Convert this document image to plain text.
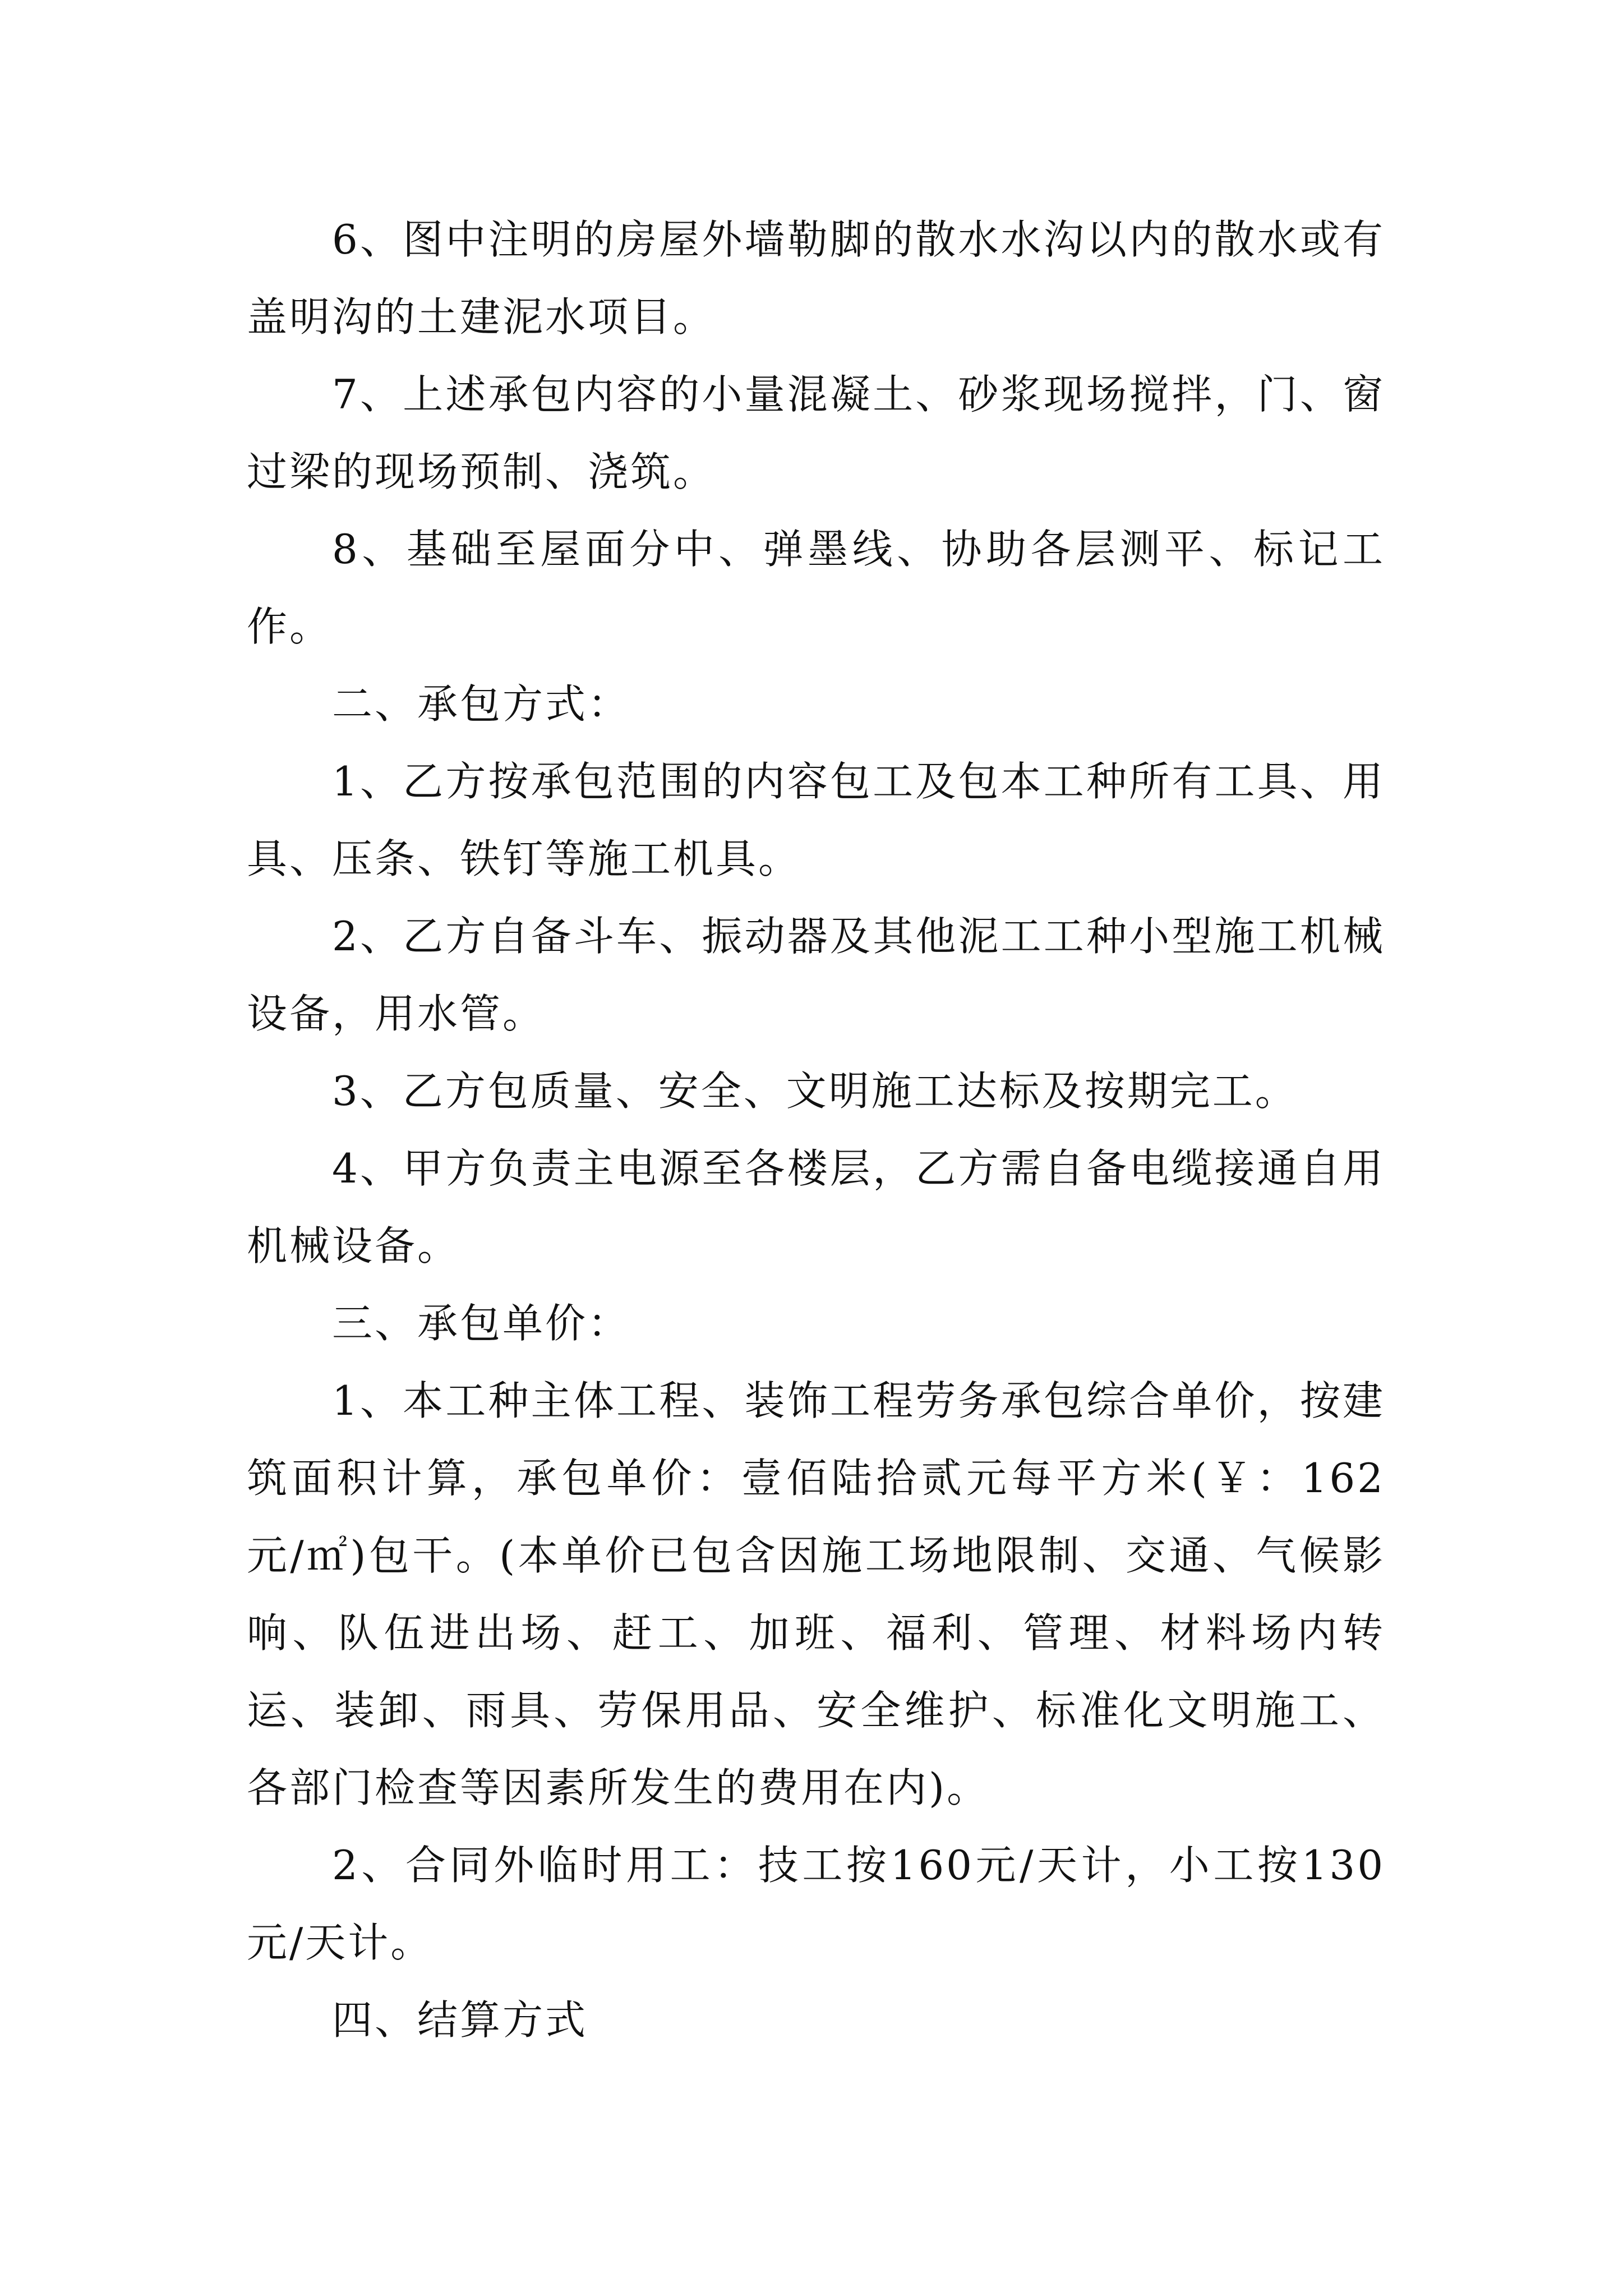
6、图中注明的房屋外墙勒脚的散水水沟以内的散水或有盖明沟的土建泥水项目。

7、上述承包内容的小量混凝土、砂浆现场搅拌，门、窗过梁的现场预制、浇筑。

8、基础至屋面分中、弹墨线、协助各层测平、标记工作。

二、承包方式：

1、乙方按承包范围的内容包工及包本工种所有工具、用具、压条、铁钉等施工机具。

2、乙方自备斗车、振动器及其他泥工工种小型施工机械设备，用水管。

3、乙方包质量、安全、文明施工达标及按期完工。

4、甲方负责主电源至各楼层，乙方需自备电缆接通自用机械设备。

三、承包单价：

1、本工种主体工程、装饰工程劳务承包综合单价，按建筑面积计算，承包单价：壹佰陆拾贰元每平方米(￥：162元/㎡)包干。(本单价已包含因施工场地限制、交通、气候影响、队伍进出场、赶工、加班、福利、管理、材料场内转运、装卸、雨具、劳保用品、安全维护、标准化文明施工、各部门检查等因素所发生的费用在内)。

2、合同外临时用工：技工按160元/天计，小工按130元/天计。

四、结算方式
